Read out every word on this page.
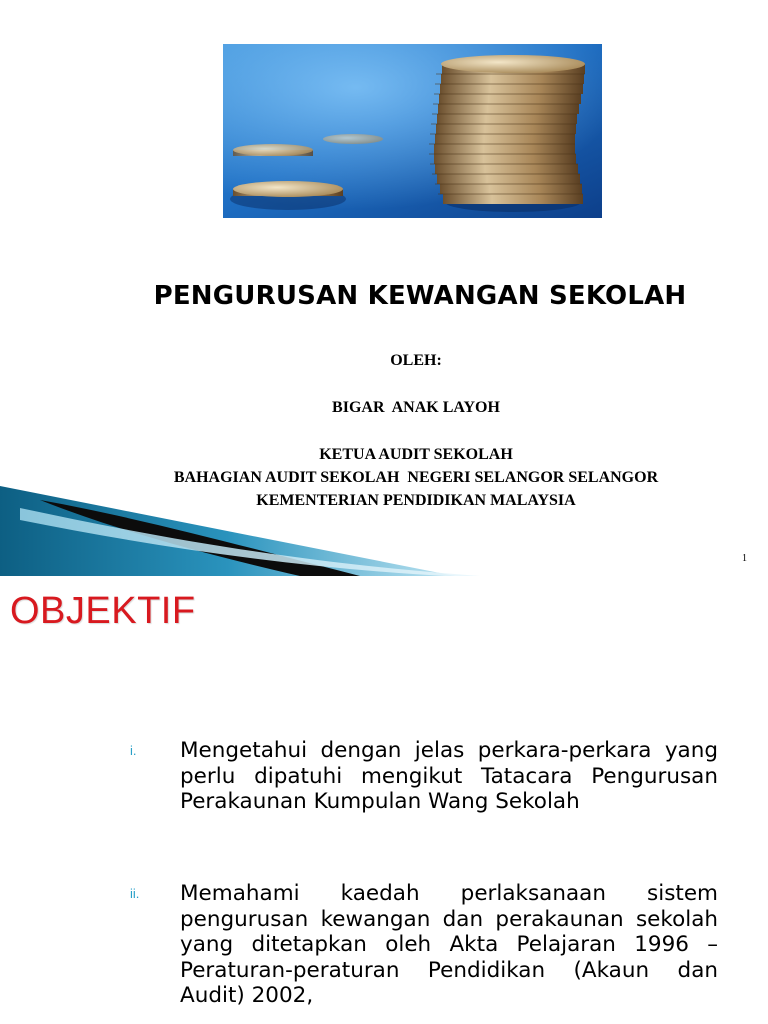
PENGURUSAN KEWANGAN SEKOLAH
OLEH:
BIGAR  ANAK LAYOH
KETUA AUDIT SEKOLAH
BAHAGIAN AUDIT SEKOLAH  NEGERI SELANGOR SELANGOR
KEMENTERIAN PENDIDIKAN MALAYSIA
1
OBJEKTIF
i.	Mengetahui dengan jelas perkara-perkara yang perlu dipatuhi mengikut Tatacara Pengurusan Perakaunan Kumpulan Wang Sekolah

ii.	Memahami kaedah perlaksanaan sistem pengurusan kewangan dan perakaunan sekolah yang ditetapkan oleh Akta Pelajaran 1996 – Peraturan-peraturan Pendidikan (Akaun dan Audit) 2002,
